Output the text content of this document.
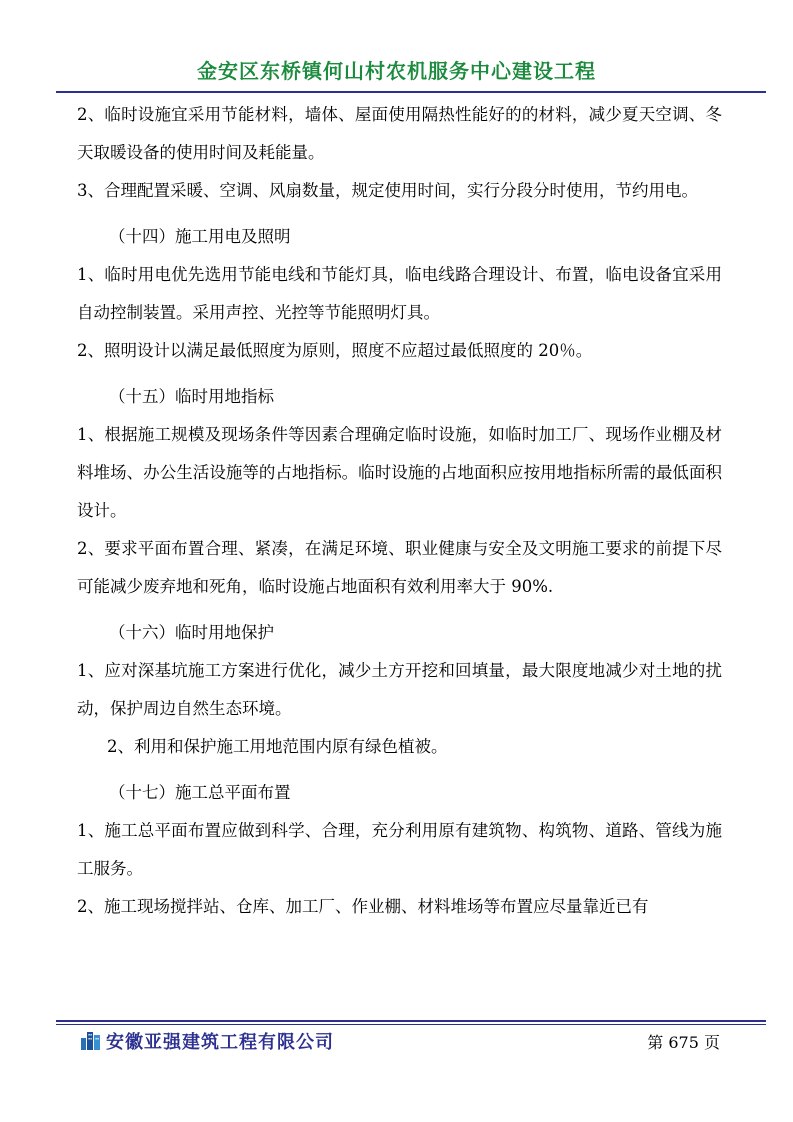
金安区东桥镇何山村农机服务中心建设工程

2、临时设施宜采用节能材料，墙体、屋面使用隔热性能好的的材料，减少夏天空调、冬天取暖设备的使用时间及耗能量。

3、合理配置采暖、空调、风扇数量，规定使用时间，实行分段分时使用，节约用电。

（十四）施工用电及照明

1、临时用电优先选用节能电线和节能灯具，临电线路合理设计、布置，临电设备宜采用自动控制装置。采用声控、光控等节能照明灯具。

2、照明设计以满足最低照度为原则，照度不应超过最低照度的 20％。

（十五）临时用地指标

1、根据施工规模及现场条件等因素合理确定临时设施，如临时加工厂、现场作业棚及材料堆场、办公生活设施等的占地指标。临时设施的占地面积应按用地指标所需的最低面积设计。

2、要求平面布置合理、紧凑，在满足环境、职业健康与安全及文明施工要求的前提下尽可能减少废弃地和死角，临时设施占地面积有效利用率大于 90%.

（十六）临时用地保护

1、应对深基坑施工方案进行优化，减少土方开挖和回填量，最大限度地减少对土地的扰动，保护周边自然生态环境。

2、利用和保护施工用地范围内原有绿色植被。

（十七）施工总平面布置

1、施工总平面布置应做到科学、合理，充分利用原有建筑物、构筑物、道路、管线为施工服务。

2、施工现场搅拌站、仓库、加工厂、作业棚、材料堆场等布置应尽量靠近已有

安徽亚强建筑工程有限公司	第 675 页
